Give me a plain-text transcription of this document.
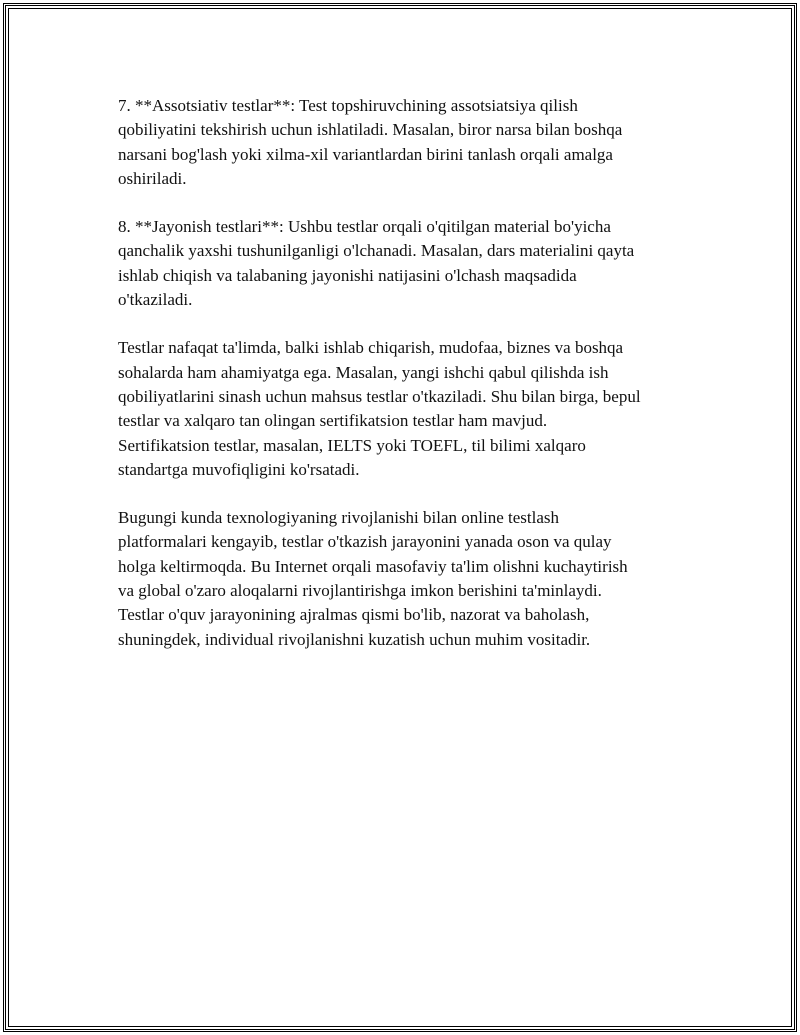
7. **Assotsiativ testlar**: Test topshiruvchining assotsiatsiya qilish
qobiliyatini tekshirish uchun ishlatiladi. Masalan, biror narsa bilan boshqa
narsani bog'lash yoki xilma-xil variantlardan birini tanlash orqali amalga
oshiriladi.

8. **Jayonish testlari**: Ushbu testlar orqali o'qitilgan material bo'yicha
qanchalik yaxshi tushunilganligi o'lchanadi. Masalan, dars materialini qayta
ishlab chiqish va talabaning jayonishi natijasini o'lchash maqsadida
o'tkaziladi.

Testlar nafaqat ta'limda, balki ishlab chiqarish, mudofaa, biznes va boshqa
sohalarda ham ahamiyatga ega. Masalan, yangi ishchi qabul qilishda ish
qobiliyatlarini sinash uchun mahsus testlar o'tkaziladi. Shu bilan birga, bepul
testlar va xalqaro tan olingan sertifikatsion testlar ham mavjud.
Sertifikatsion testlar, masalan, IELTS yoki TOEFL, til bilimi xalqaro
standartga muvofiqligini ko'rsatadi.

Bugungi kunda texnologiyaning rivojlanishi bilan online testlash
platformalari kengayib, testlar o'tkazish jarayonini yanada oson va qulay
holga keltirmoqda. Bu Internet orqali masofaviy ta'lim olishni kuchaytirish
va global o'zaro aloqalarni rivojlantirishga imkon berishini ta'minlaydi.
Testlar o'quv jarayonining ajralmas qismi bo'lib, nazorat va baholash,
shuningdek, individual rivojlanishni kuzatish uchun muhim vositadir.
